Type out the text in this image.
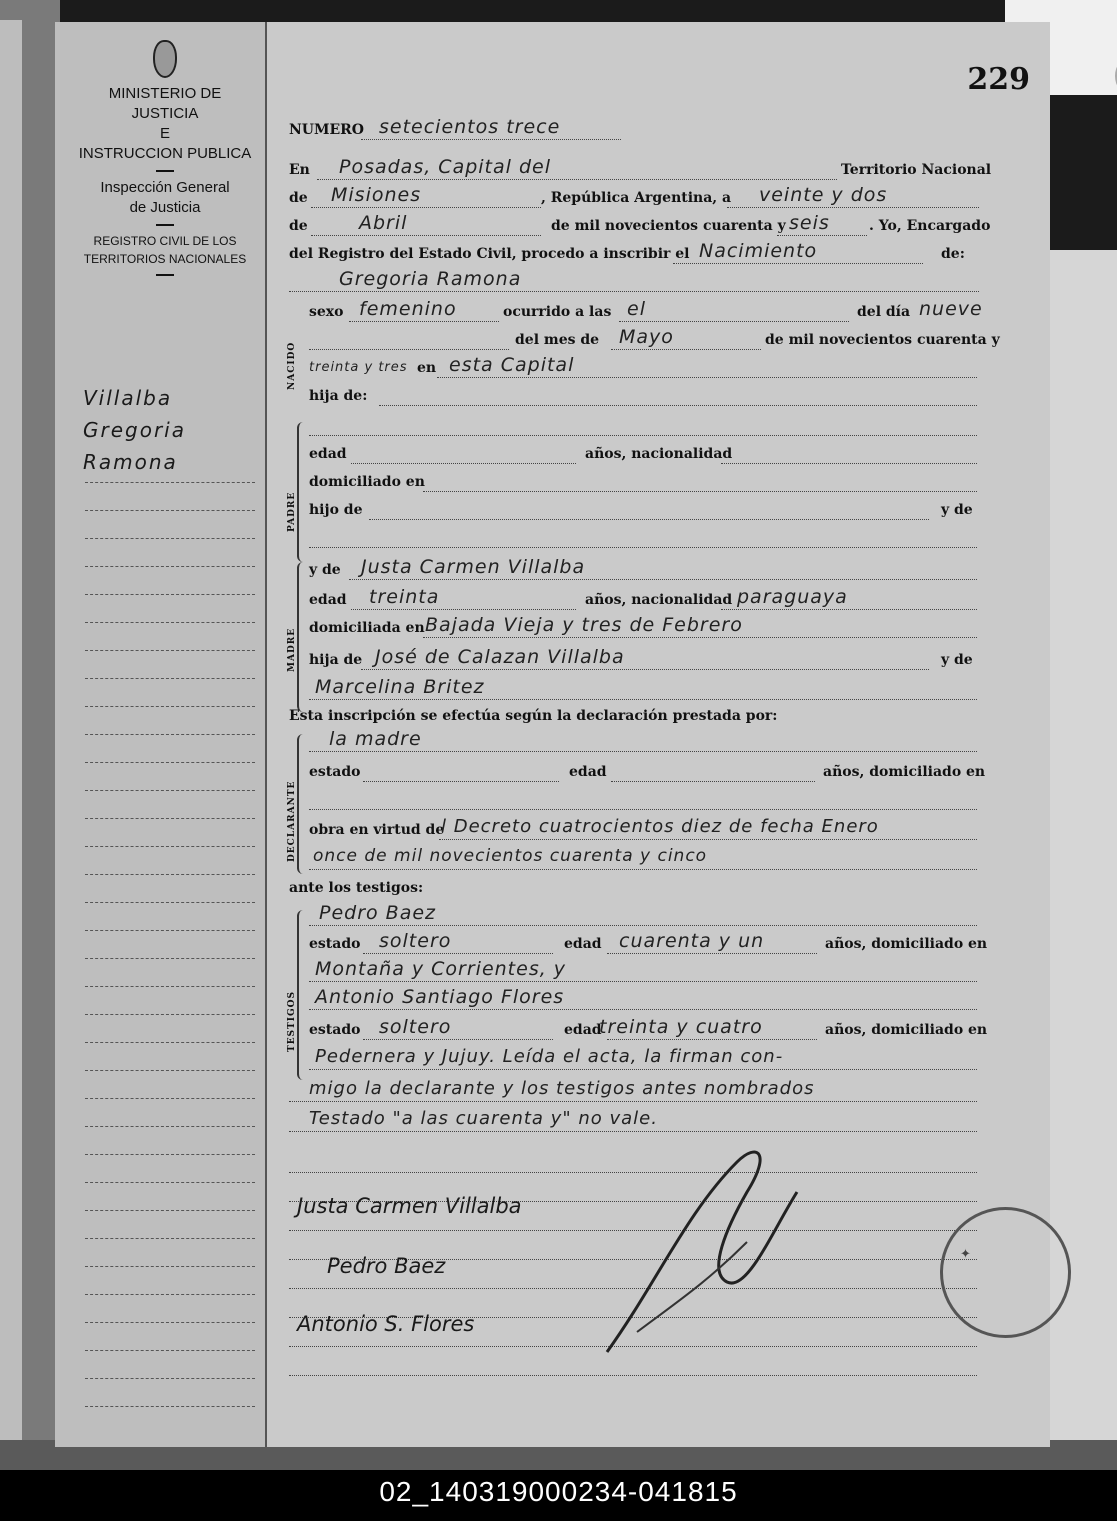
MINISTERIO DE JUSTICIA
E
INSTRUCCION PUBLICA
Inspección General
de Justicia
REGISTRO CIVIL DE LOS
TERRITORIOS NACIONALES
Villalba
Gregoria
Ramona
229
NUMERO setecientos trece
En Posadas, Capital del	Territorio Nacional
de Misiones	, República Argentina, a veinte y dos
de	Abril	de mil novecientos cuarenta y seis	. Yo, Encargado
del Registro del Estado Civil, procedo a inscribir el Nacimiento	de:
Gregoria Ramona
NACIDO
sexo femenino	ocurrido a las el	del día nueve
del mes de Mayo	de mil novecientos cuarenta y
treinta y tres en esta Capital
hija de:
PADRE
edad	años, nacionalidad
domiciliado en
hijo de	y de
MADRE
y de Justa Carmen Villalba
edad treinta	años, nacionalidad paraguaya
domiciliada en Bajada Vieja y tres de Febrero
hija de José de Calazan Villalba	y de
Marcelina Britez
Esta inscripción se efectúa según la declaración prestada por:
DECLARANTE
la madre
estado	edad	años, domiciliado en
obra en virtud de
l Decreto cuatrocientos diez de fecha Enero
once de mil novecientos cuarenta y cinco
ante los testigos:
TESTIGOS
Pedro Baez
estado soltero	edad cuarenta y un	años, domiciliado en
Montaña y Corrientes, y
Antonio Santiago Flores
estado soltero	edad
treinta y cuatro	años, domiciliado en
Pedernera y Jujuy. Leída el acta, la firman con-
migo la declarante y los testigos antes nombrados
Testado "a las cuarenta y" no vale.
Justa Carmen Villalba
Pedro Baez
Antonio S. Flores
✦
02_140319000234-041815
